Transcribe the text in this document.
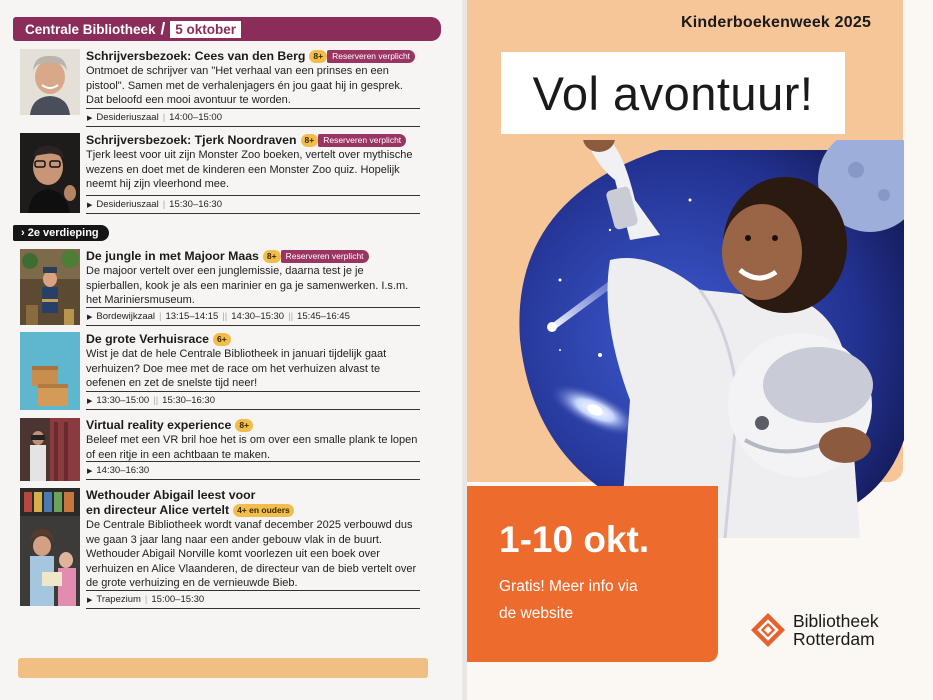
Centrale Bibliotheek / 5 oktober
Schrijversbezoek: Cees van den Berg 8+	Reserveren verplicht
Ontmoet de schrijver van "Het verhaal van een prinses en een pistool". Samen met de verhalenjagers én jou gaat hij in gesprek. Dat beloofd een mooi avontuur te worden.
▶ Desideriuszaal | 14:00–15:00
Schrijversbezoek: Tjerk Noordraven 8+	Reserveren verplicht
Tjerk leest voor uit zijn Monster Zoo boeken, vertelt over mythische wezens en doet met de kinderen een Monster Zoo quiz. Hopelijk neemt hij zijn vleerhond mee.
▶ Desideriuszaal | 15:30–16:30
› 2e verdieping
De jungle in met Majoor Maas 8+	Reserveren verplicht
De majoor vertelt over een junglemissie, daarna test je je spierballen, kook je als een marinier en ga je samenwerken. I.s.m. het Mariniersmuseum.
▶ Bordewijkzaal | 13:15–14:15 || 14:30–15:30 || 15:45–16:45
De grote Verhuisrace 6+
Wist je dat de hele Centrale Bibliotheek in januari tijdelijk gaat verhuizen? Doe mee met de race om het verhuizen alvast te oefenen en zet de snelste tijd neer!
▶ 13:30–15:00 || 15:30–16:30
Virtual reality experience 8+
Beleef met een VR bril hoe het is om over een smalle plank te lopen of een ritje in een achtbaan te maken.
▶ 14:30–16:30
Wethouder Abigail leest voor
en directeur Alice vertelt 4+ en ouders
De Centrale Bibliotheek wordt vanaf december 2025 verbouwd dus we gaan 3 jaar lang naar een ander gebouw vlak in de buurt. Wethouder Abigail Norville komt voorlezen uit een boek over verhuizen en Alice Vlaanderen, de directeur van de bieb vertelt over de grote verhuizing en de vernieuwde Bieb.
▶ Trapezium | 15:00–15:30
Kinderboekenweek 2025
Vol avontuur!
1-10 okt.
Gratis! Meer info via
de website	Bibliotheek
Rotterdam
